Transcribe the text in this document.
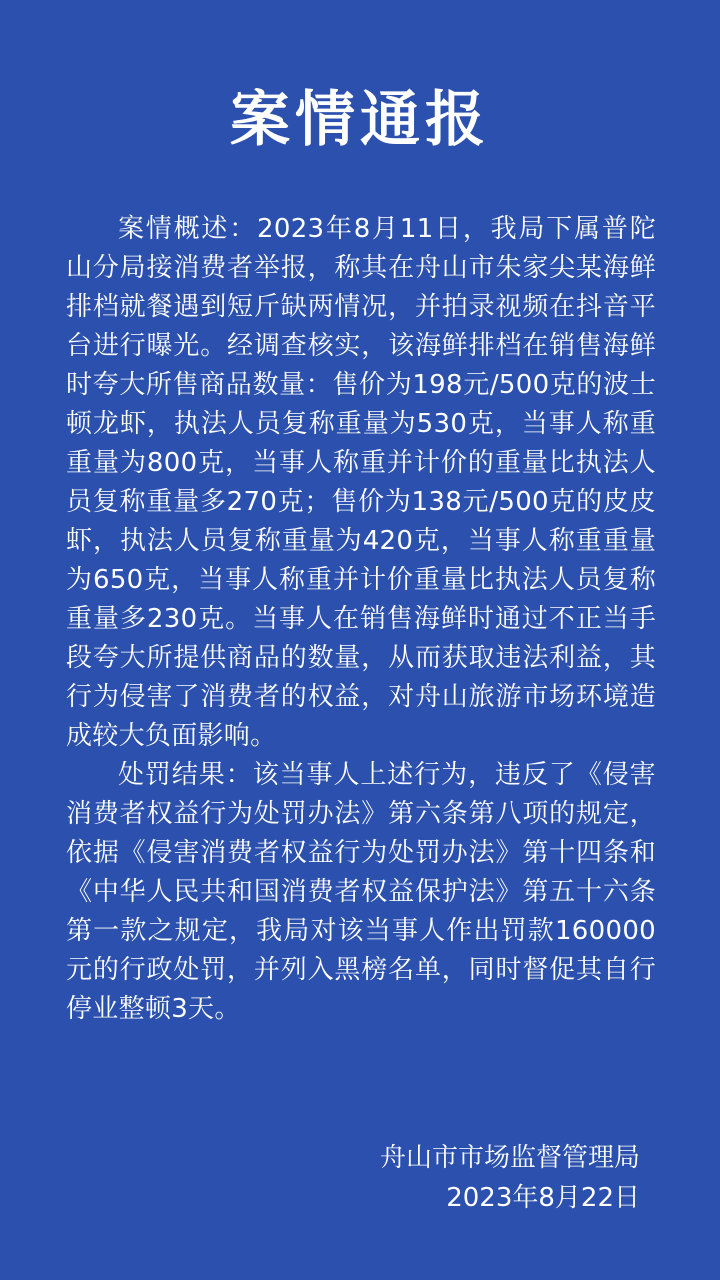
案情通报

案情概述：2023年8月11日，我局下属普陀山分局接消费者举报，称其在舟山市朱家尖某海鲜排档就餐遇到短斤缺两情况，并拍录视频在抖音平台进行曝光。经调查核实，该海鲜排档在销售海鲜时夸大所售商品数量：售价为198元/500克的波士顿龙虾，执法人员复称重量为530克，当事人称重重量为800克，当事人称重并计价的重量比执法人员复称重量多270克；售价为138元/500克的皮皮虾，执法人员复称重量为420克，当事人称重重量为650克，当事人称重并计价重量比执法人员复称重量多230克。当事人在销售海鲜时通过不正当手段夸大所提供商品的数量，从而获取违法利益，其行为侵害了消费者的权益，对舟山旅游市场环境造成较大负面影响。

处罚结果：该当事人上述行为，违反了《侵害消费者权益行为处罚办法》第六条第八项的规定，依据《侵害消费者权益行为处罚办法》第十四条和《中华人民共和国消费者权益保护法》第五十六条第一款之规定，我局对该当事人作出罚款160000元的行政处罚，并列入黑榜名单，同时督促其自行停业整顿3天。

舟山市市场监督管理局
2023年8月22日
